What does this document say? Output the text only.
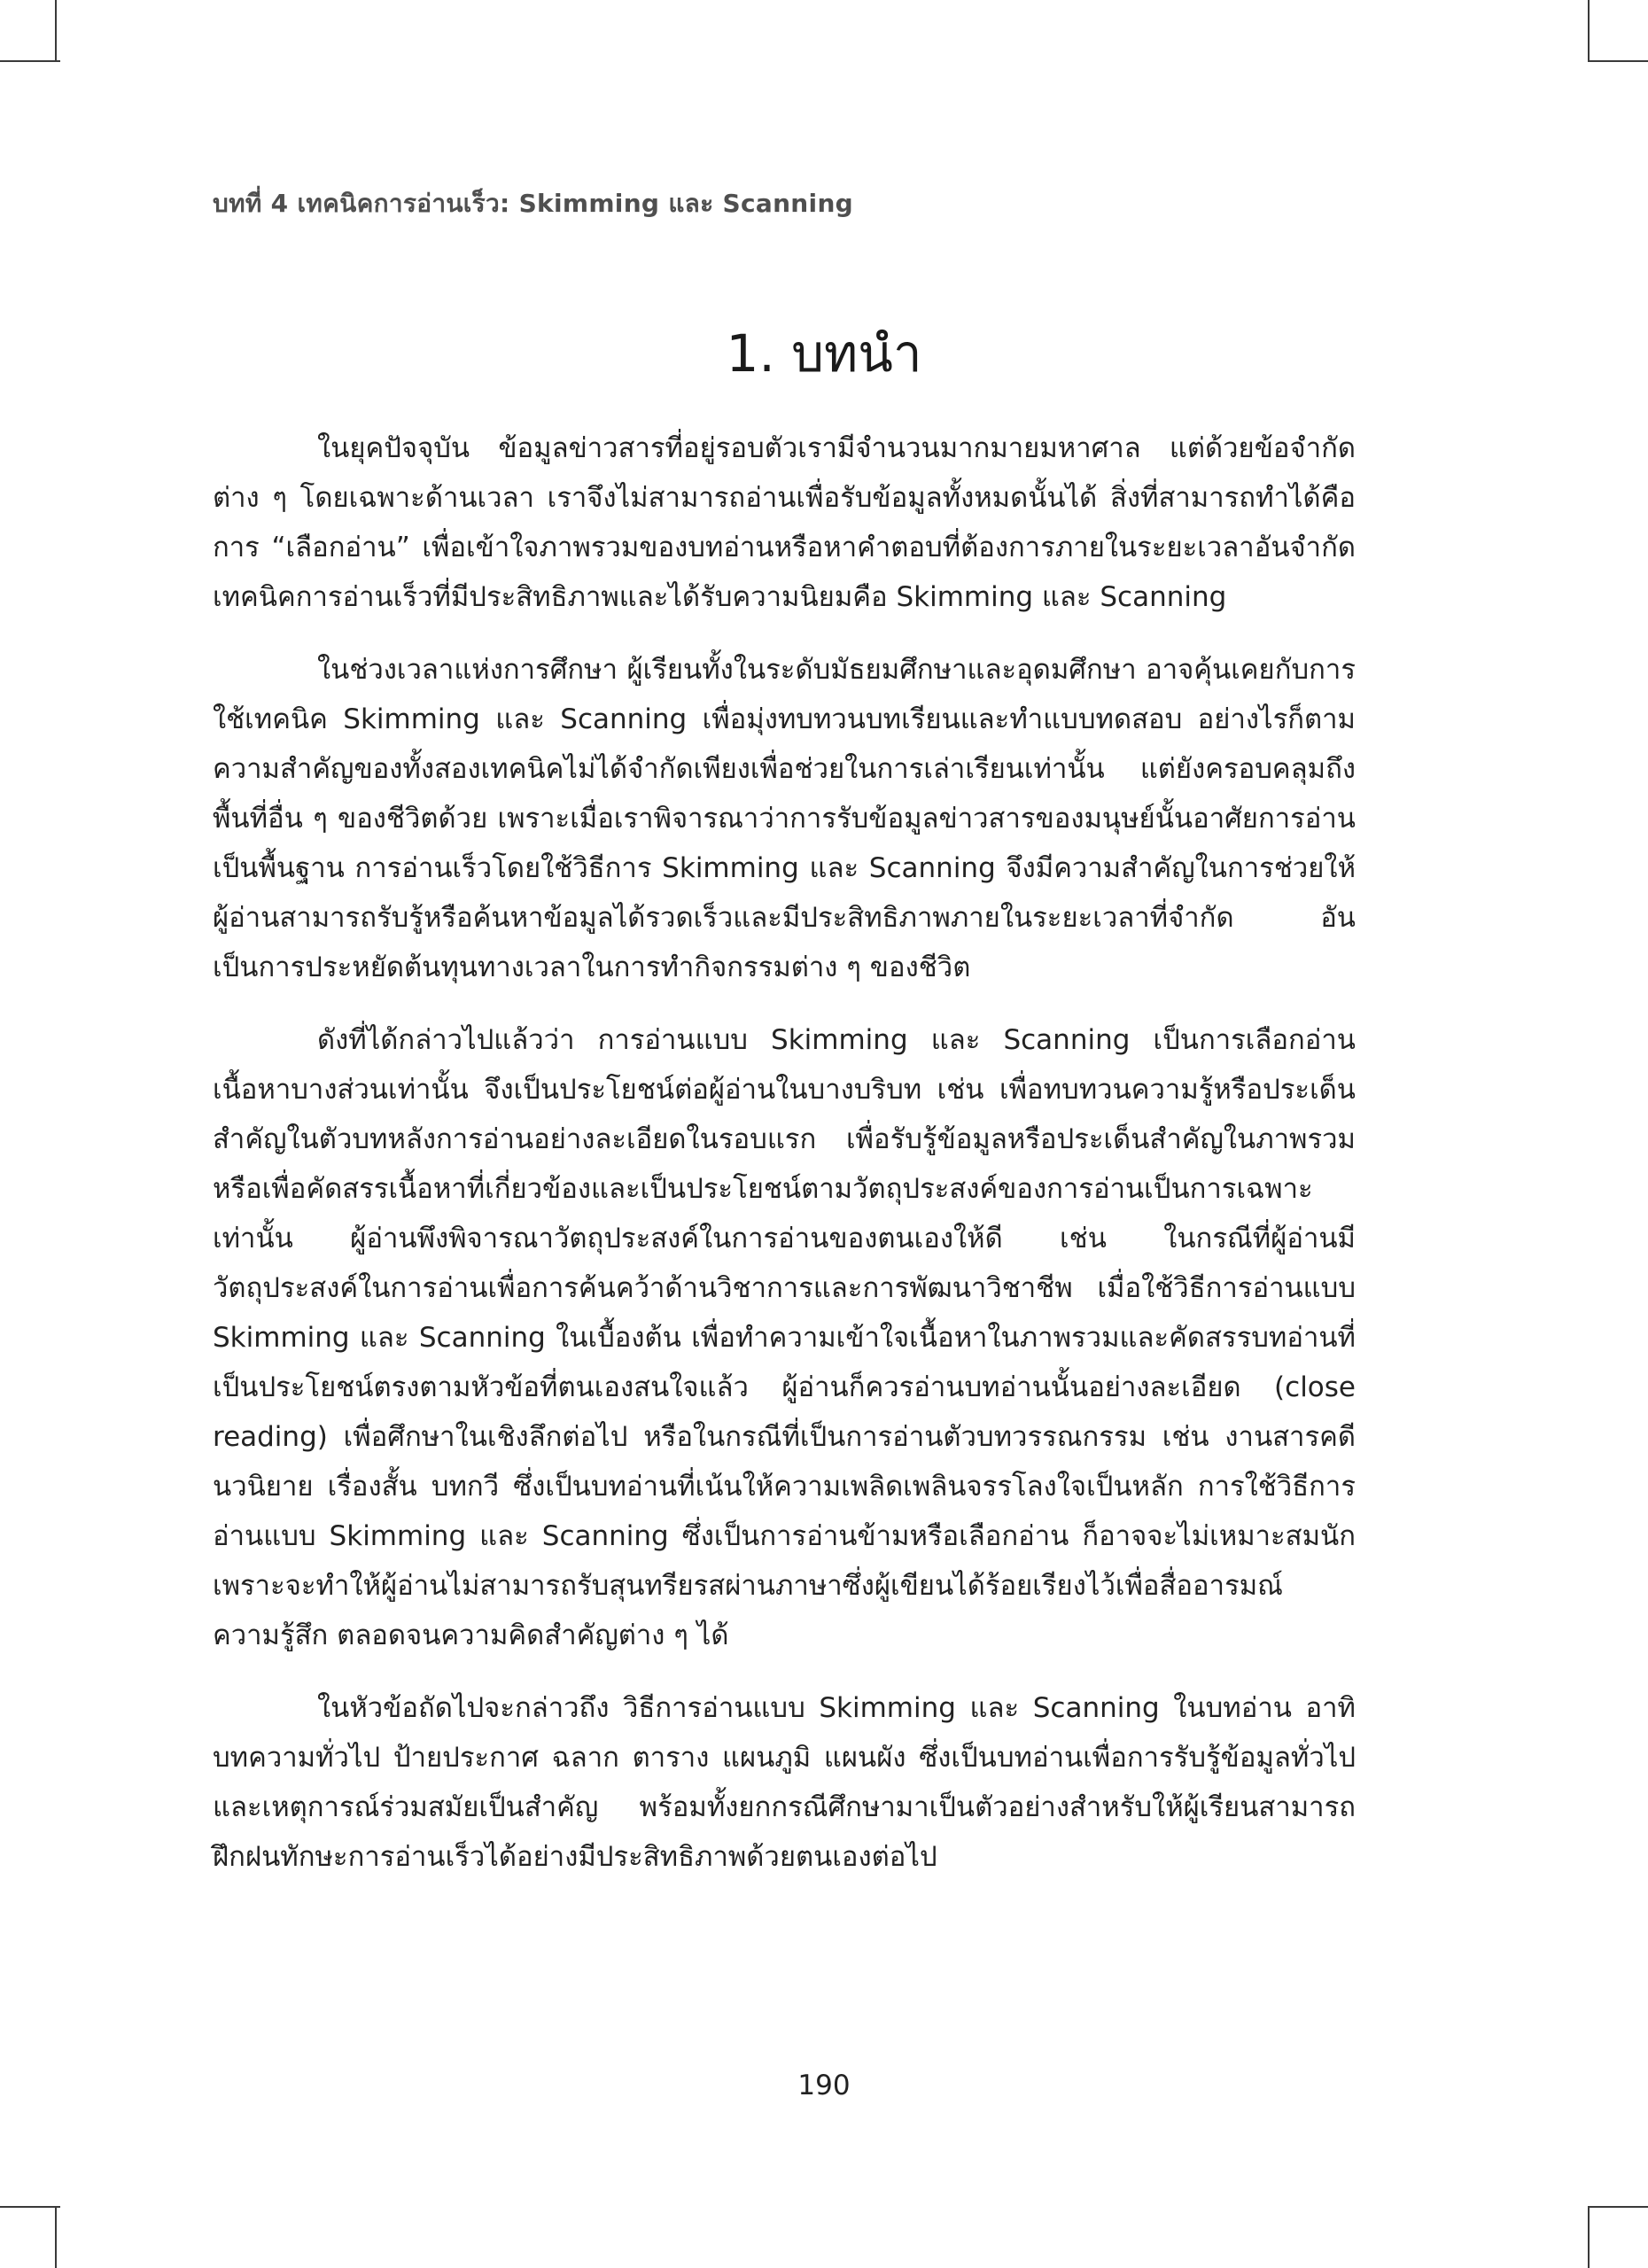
บทที่ 4 เทคนิคการอ่านเร็ว: Skimming และ Scanning
1. บทนำ

ในยุคปัจจุบัน ข้อมูลข่าวสารที่อยู่รอบตัวเรามีจำนวนมากมายมหาศาล แต่ด้วยข้อจำกัดต่าง ๆ โดยเฉพาะด้านเวลา เราจึงไม่สามารถอ่านเพื่อรับข้อมูลทั้งหมดนั้นได้ สิ่งที่สามารถทำได้คือการ “เลือกอ่าน” เพื่อเข้าใจภาพรวมของบทอ่านหรือหาคำตอบที่ต้องการภายในระยะเวลาอันจำกัด เทคนิคการอ่านเร็วที่มีประสิทธิภาพและได้รับความนิยมคือ Skimming และ Scanning

ในช่วงเวลาแห่งการศึกษา ผู้เรียนทั้งในระดับมัธยมศึกษาและอุดมศึกษา อาจคุ้นเคยกับการใช้เทคนิค Skimming และ Scanning เพื่อมุ่งทบทวนบทเรียนและทำแบบทดสอบ อย่างไรก็ตามความสำคัญของทั้งสองเทคนิคไม่ได้จำกัดเพียงเพื่อช่วยในการเล่าเรียนเท่านั้น แต่ยังครอบคลุมถึงพื้นที่อื่น ๆ ของชีวิตด้วย เพราะเมื่อเราพิจารณาว่าการรับข้อมูลข่าวสารของมนุษย์นั้นอาศัยการอ่านเป็นพื้นฐาน การอ่านเร็วโดยใช้วิธีการ Skimming และ Scanning จึงมีความสำคัญในการช่วยให้ผู้อ่านสามารถรับรู้หรือค้นหาข้อมูลได้รวดเร็วและมีประสิทธิภาพภายในระยะเวลาที่จำกัด อันเป็นการประหยัดต้นทุนทางเวลาในการทำกิจกรรมต่าง ๆ ของชีวิต

ดังที่ได้กล่าวไปแล้วว่า การอ่านแบบ Skimming และ Scanning เป็นการเลือกอ่านเนื้อหาบางส่วนเท่านั้น จึงเป็นประโยชน์ต่อผู้อ่านในบางบริบท เช่น เพื่อทบทวนความรู้หรือประเด็นสำคัญในตัวบทหลังการอ่านอย่างละเอียดในรอบแรก เพื่อรับรู้ข้อมูลหรือประเด็นสำคัญในภาพรวม หรือเพื่อคัดสรรเนื้อหาที่เกี่ยวข้องและเป็นประโยชน์ตามวัตถุประสงค์ของการอ่านเป็นการเฉพาะเท่านั้น ผู้อ่านพึงพิจารณาวัตถุประสงค์ในการอ่านของตนเองให้ดี เช่น ในกรณีที่ผู้อ่านมีวัตถุประสงค์ในการอ่านเพื่อการค้นคว้าด้านวิชาการและการพัฒนาวิชาชีพ เมื่อใช้วิธีการอ่านแบบ Skimming และ Scanning ในเบื้องต้น เพื่อทำความเข้าใจเนื้อหาในภาพรวมและคัดสรรบทอ่านที่เป็นประโยชน์ตรงตามหัวข้อที่ตนเองสนใจแล้ว ผู้อ่านก็ควรอ่านบทอ่านนั้นอย่างละเอียด (close reading) เพื่อศึกษาในเชิงลึกต่อไป หรือในกรณีที่เป็นการอ่านตัวบทวรรณกรรม เช่น งานสารคดี นวนิยาย เรื่องสั้น บทกวี ซึ่งเป็นบทอ่านที่เน้นให้ความเพลิดเพลินจรรโลงใจเป็นหลัก การใช้วิธีการอ่านแบบ Skimming และ Scanning ซึ่งเป็นการอ่านข้ามหรือเลือกอ่าน ก็อาจจะไม่เหมาะสมนัก เพราะจะทำให้ผู้อ่านไม่สามารถรับสุนทรียรสผ่านภาษาซึ่งผู้เขียนได้ร้อยเรียงไว้เพื่อสื่ออารมณ์ ความรู้สึก ตลอดจนความคิดสำคัญต่าง ๆ ได้

ในหัวข้อถัดไปจะกล่าวถึง วิธีการอ่านแบบ Skimming และ Scanning ในบทอ่าน อาทิ บทความทั่วไป ป้ายประกาศ ฉลาก ตาราง แผนภูมิ แผนผัง ซึ่งเป็นบทอ่านเพื่อการรับรู้ข้อมูลทั่วไปและเหตุการณ์ร่วมสมัยเป็นสำคัญ พร้อมทั้งยกกรณีศึกษามาเป็นตัวอย่างสำหรับให้ผู้เรียนสามารถฝึกฝนทักษะการอ่านเร็วได้อย่างมีประสิทธิภาพด้วยตนเองต่อไป

190
